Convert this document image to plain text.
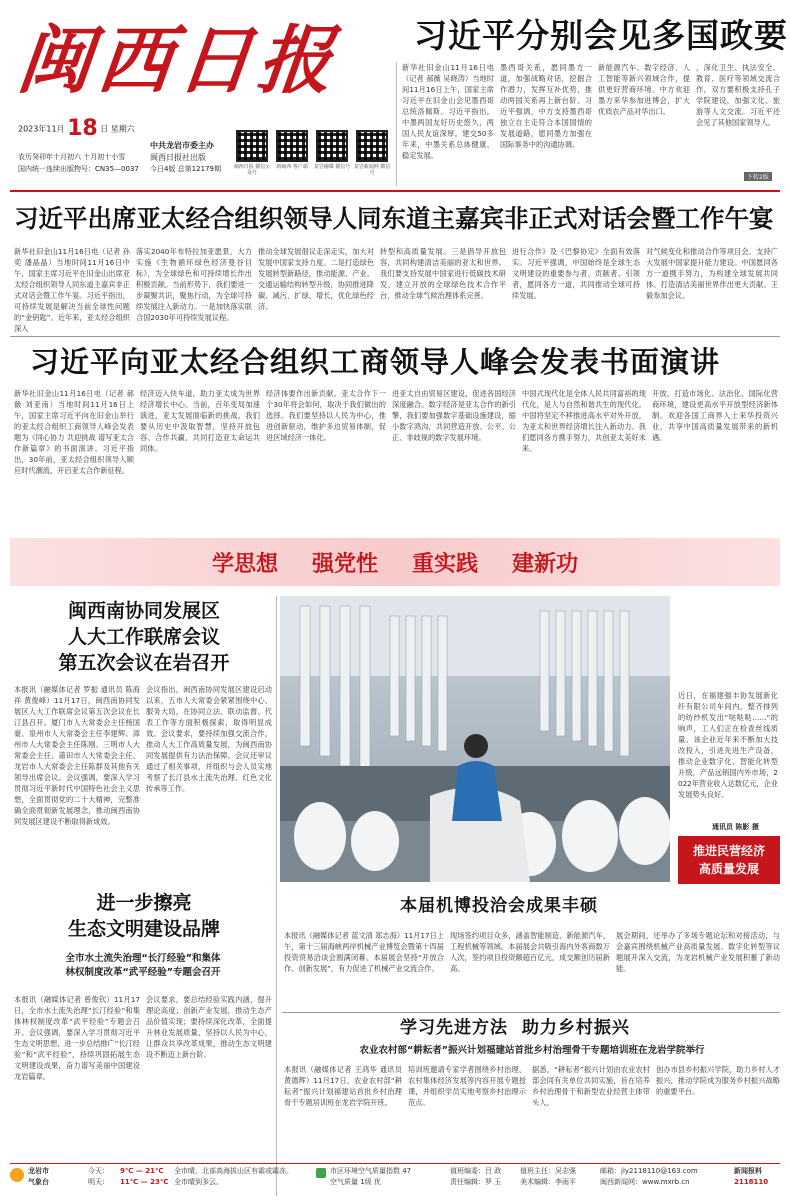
闽西日报
2023年11月 18 日 星期六
农历癸卯年十月初六 十月初十小雪
国内统一连续出版物号：CN35—0037
中共龙岩市委主办
闽西日报社出版
今日4版 总第12179期	闽西日报 微信公众号
新闽西 客户端	龙岩融媒 微信号 龙岩新闻网 微信号
习近平分别会见多国政要
新华社旧金山11月16日电（记者 郝薇 吴晓涛）当地时间11月16日上午，国家主席习近平在旧金山会见墨西哥总统洛佩斯。习近平指出，中墨两国友好历史悠久，两国人民友谊深厚。建交50多年来，中墨关系总体健康、稳定发展。
墨西哥关系，愿同墨方一道，加强战略对话，挖掘合作潜力，发挥互补优势，推动两国关系再上新台阶。习近平强调，中方支持墨西哥独立自主走符合本国国情的发展道路，愿同墨方加强在国际事务中的沟通协调。
新能源汽车、数字经济、人工智能等新兴领域合作，提供更好营商环境。中方欢迎墨方来华参加进博会，扩大优质农产品对华出口。
，深化卫生、执法安全、教育、医疗等领域交流合作，双方要积极支持孔子学院建设，加强文化、旅游等人文交流。习近平还会见了其他国家领导人。
下转2版
习近平出席亚太经合组织领导人同东道主嘉宾非正式对话会暨工作午宴
新华社旧金山11月16日电（记者 孙奕 潘晶晶）当地时间11月16日中午，国家主席习近平在旧金山出席亚太经合组织领导人同东道主嘉宾非正式对话会暨工作午宴。习近平指出，可持续发展是解决当前全球性问题的“金钥匙”。近年来，亚太经合组织深入
落实2040年布特拉加亚愿景，大力实施《生物循环绿色经济曼谷目标》，为全球绿色和可持续增长作出积极贡献。当前形势下，我们要进一步凝聚共识，聚焦行动，为全球可持续发展注入新动力。一是加快落实联合国2030年可持续发展议程。
推动全球发展倡议走深走实，加大对发展中国家支持力度。二是打造绿色发展转型新路径，推动能源、产业、交通运输结构转型升级，协同推进降碳、减污、扩绿、增长，优化绿色经济。
转型和高质量发展。三是倡导开放包容，共同构建清洁美丽的亚太和世界。我们要支持发展中国家进行低碳技术研发，建立开放的全球绿色技术合作平台，推动全球气候治理体系完善。
进行合作》及《巴黎协定》全面有效落实。习近平强调，中国始终是全球生态文明建设的重要参与者、贡献者、引领者，愿同各方一道，共同推动全球可持续发展。
对气候变化和推动合作等项目会。支持广大发展中国家提升能力建设。中国愿同各方一道携手努力，为构建全球发展共同体、打造清洁美丽世界作出更大贡献。王毅参加会议。
习近平向亚太经合组织工商领导人峰会发表书面演讲
新华社旧金山11月16日电（记者 郝薇 刘亚南）当地时间11月16日上午，国家主席习近平向在旧金山举行的亚太经合组织工商领导人峰会发表题为《同心协力 共迎挑战 谱写亚太合作新篇章》的书面演讲。习近平指出，30年前，亚太经合组织领导人顺应时代潮流，开启亚太合作新征程。
经济迈入快车道，助力亚太成为世界经济增长中心。当前，百年变局加速演进，亚太发展面临新的挑战。我们要从历史中汲取智慧，坚持开放包容、合作共赢，共同打造亚太命运共同体。
经济体要作出新贡献。亚太合作下一个30年将会如何，取决于我们做出的选择。我们要坚持以人民为中心，推进创新驱动，维护多边贸易体制，促进区域经济一体化。
进亚太自由贸易区建设，促进各国经济深度融合。数字经济是亚太合作的新引擎，我们要加强数字基础设施建设，缩小数字鸿沟，共同营造开放、公平、公正、非歧视的数字发展环境。
中国式现代化是全体人民共同富裕的现代化，是人与自然和谐共生的现代化。中国将坚定不移推进高水平对外开放，为亚太和世界经济增长注入新动力。我们愿同各方携手努力，共创亚太美好未来。
开放，打造市场化、法治化、国际化营商环境，建设更高水平开放型经济新体制。欢迎各国工商界人士来华投资兴业，共享中国高质量发展带来的新机遇。
学思想 强党性 重实践 建新功
闽西南协同发展区
人大工作联席会议
第五次会议在岩召开
本报讯（融媒体记者 罗振 通讯员 陈海祥 黄俊峰）11月17日，闽西南协同发展区人大工作联席会议第五次会议在长汀县召开。厦门市人大常委会主任杨国豪、泉州市人大常委会主任李建辉、漳州市人大常委会主任陈刚、三明市人大常委会主任、莆田市人大常委会主任、龙岩市人大常委会主任陈群及其他有关领导出席会议。会议强调，要深入学习贯彻习近平新时代中国特色社会主义思想，全面贯彻党的二十大精神，完整准确全面贯彻新发展理念，推动闽西南协同发展区建设不断取得新成效。
会议指出，闽西南协同发展区建设启动以来，五市人大常委会紧紧围绕中心、服务大局，在协同立法、联动监督、代表工作等方面积极探索，取得明显成效。会议要求，要持续加强交流合作，推动人大工作高质量发展，为闽西南协同发展提供有力法治保障。会议还审议通过了相关事项，并组织与会人员实地考察了长汀县水土流失治理、红色文化传承等工作。
近日，在福建强丰协发展新化纤有限公司车间内，整齐排列的纺纱机发出“哒哒哒……”的响声，工人们正在检查丝线质量。该企业近年来不断加大技改投入，引进先进生产设备，推动企业数字化、智能化转型升级，产品远销国内外市场，2022年营业收入达数亿元，企业发展势头良好。
通讯员 陈影 摄
推进民营经济
高质量发展
进一步擦亮
生态文明建设品牌
全市水土流失治理“长汀经验”和集体
林权制度改革“武平经验”专题会召开
本报讯（融媒体记者 曾俊钦）11月17日，全市水土流失治理“长汀经验”和集体林权制度改革“武平经验”专题会召开。会议强调，要深入学习贯彻习近平生态文明思想，进一步总结推广“长汀经验”和“武平经验”，持续巩固拓展生态文明建设成果，奋力谱写美丽中国建设龙岩篇章。
会议要求，要总结经验实践内涵，提升理论高度；创新产业发展，推动生态产品价值实现；要持续深化改革，全面提升林业发展质量，坚持以人民为中心，让群众共享改革成果，推动生态文明建设不断迈上新台阶。
本届机博投洽会成果丰硕
本报讯（融媒体记者 蓝文清 郑志海）11月17日上午，第十三届海峡两岸机械产业博览会暨第十四届投资贸易洽谈会圆满闭幕。本届展会坚持“开放合作、创新发展”，有力促进了机械产业交流合作。
现场签约项目众多，涵盖智能制造、新能源汽车、工程机械等领域。本届展会共吸引海内外客商数万人次，签约项目投资额超百亿元，成交额创历届新高。
展会期间，还举办了多场专题论坛和对接活动，与会嘉宾围绕机械产业高质量发展、数字化转型等议题展开深入交流，为龙岩机械产业发展积蓄了新动能。
学习先进方法  助力乡村振兴
农业农村部“耕耘者”振兴计划福建站首批乡村治理骨干专题培训班在龙岩学院举行
本报讯（融媒体记者 王鸿华 通讯员 黄德辉）11月17日，农业农村部“耕耘者”振兴计划福建站首批乡村治理骨干专题培训班在龙岩学院开班。
培训班邀请专家学者围绕乡村治理、农村集体经济发展等内容开展专题授课，并组织学员实地考察乡村治理示范点。
据悉，“耕耘者”振兴计划由农业农村部会同有关单位共同实施，旨在培养乡村治理骨干和新型农业经营主体带头人。
创办市县乡村振兴学院，助力乡村人才振兴，推动学院成为服务乡村振兴战略的重要平台。
龙岩市
气象台
今天： 9℃ — 21℃ 全市晴，北部高海拔山区有霜或霜冻。
明天： 11℃ — 23℃ 全市晴到多云。
市区环境空气质量指数 47
空气质量 1级 优
值班编委：吕 政	值班主任：吴志强
责任编辑：罗 玉	美术编辑：李雨平
邮箱：jly2118110@163.com
闽西新闻网：www.mxrb.cn
新闻报料
2118110
